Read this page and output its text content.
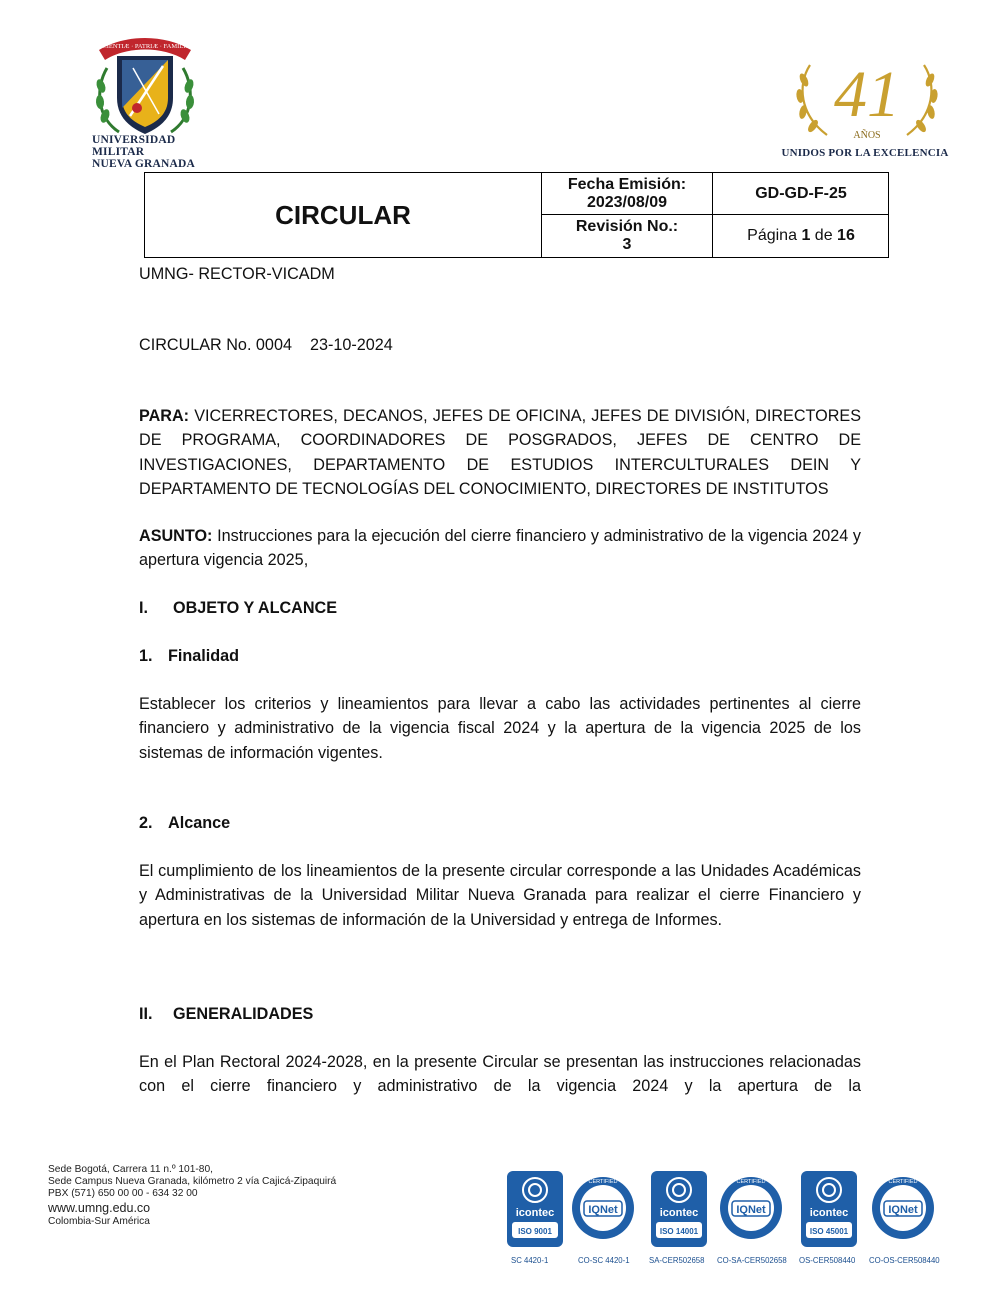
SCIENTIÆ · PATRIÆ · FAMILIÆ
UNIVERSIDAD MILITAR
NUEVA GRANADA
41
AÑOS
UNIDOS POR LA EXCELENCIA
CIRCULAR
Fecha Emisión:
2023/08/09
GD-GD-F-25
Revisión No.:
3
Página 1 de 16
UMNG- RECTOR-VICADM
CIRCULAR No. 0004 23-10-2024
PARA: VICERRECTORES, DECANOS, JEFES DE OFICINA, JEFES DE DIVISIÓN, DIRECTORES DE PROGRAMA, COORDINADORES DE POSGRADOS, JEFES DE CENTRO DE INVESTIGACIONES, DEPARTAMENTO DE ESTUDIOS INTERCULTURALES DEIN Y DEPARTAMENTO DE TECNOLOGÍAS DEL CONOCIMIENTO, DIRECTORES DE INSTITUTOS
ASUNTO: Instrucciones para la ejecución del cierre financiero y administrativo de la vigencia 2024 y apertura vigencia 2025,
I. OBJETO Y ALCANCE
1. Finalidad
Establecer los criterios y lineamientos para llevar a cabo las actividades pertinentes al cierre financiero y administrativo de la vigencia fiscal 2024 y la apertura de la vigencia 2025 de los sistemas de información vigentes.
2. Alcance
El cumplimiento de los lineamientos de la presente circular corresponde a las Unidades Académicas y Administrativas de la Universidad Militar Nueva Granada para realizar el cierre Financiero y apertura en los sistemas de información de la Universidad y entrega de Informes.
II. GENERALIDADES
En el Plan Rectoral 2024-2028, en la presente Circular se presentan las instrucciones relacionadas con el cierre financiero y administrativo de la vigencia 2024 y la apertura de la
Sede Bogotá, Carrera 11 n.º 101-80,
Sede Campus Nueva Granada, kilómetro 2 vía Cajicá-Zipaquirá
PBX (571) 650 00 00 - 634 32 00
www.umng.edu.co
Colombia-Sur América
icontec
ISO 9001
SC 4420-1
IQNet
CERTIFIED
CO-SC 4420-1
icontec
ISO 14001
SA-CER502658
IQNet
CERTIFIED
CO-SA-CER502658
icontec
ISO 45001
OS-CER508440
IQNet
CERTIFIED
CO-OS-CER508440
